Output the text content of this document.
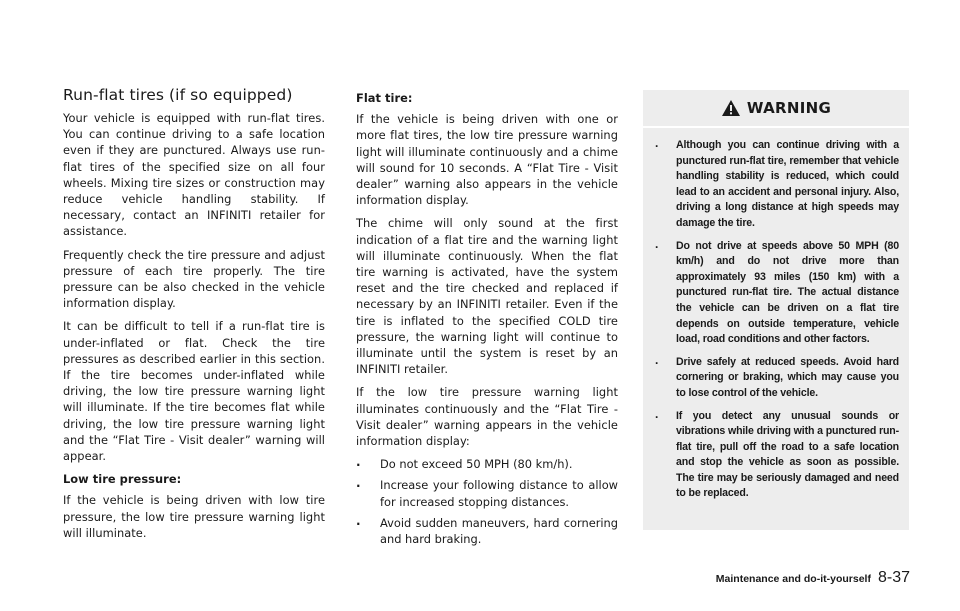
Run-flat tires (if so equipped)

Your vehicle is equipped with run-flat tires. You can continue driving to a safe location even if they are punctured. Always use run-flat tires of the specified size on all four wheels. Mixing tire sizes or construction may reduce vehicle handling stability. If necessary, contact an INFINITI retailer for assistance.

Frequently check the tire pressure and adjust pressure of each tire properly. The tire pressure can be also checked in the vehicle information display.

It can be difficult to tell if a run-flat tire is under-inflated or flat. Check the tire pressures as described earlier in this section. If the tire becomes under-inflated while driving, the low tire pressure warning light will illuminate. If the tire becomes flat while driving, the low tire pressure warning light and the “Flat Tire - Visit dealer” warning will appear.

Low tire pressure:

If the vehicle is being driven with low tire pressure, the low tire pressure warning light will illuminate.

Flat tire:

If the vehicle is being driven with one or more flat tires, the low tire pressure warning light will illuminate continuously and a chime will sound for 10 seconds. A “Flat Tire - Visit dealer” warning also appears in the vehicle information display.

The chime will only sound at the first indication of a flat tire and the warning light will illuminate continuously. When the flat tire warning is activated, have the system reset and the tire checked and replaced if necessary by an INFINITI retailer. Even if the tire is inflated to the specified COLD tire pressure, the warning light will continue to illuminate until the system is reset by an INFINITI retailer.

If the low tire pressure warning light illuminates continuously and the “Flat Tire - Visit dealer” warning appears in the vehicle information display:

. Do not exceed 50 MPH (80 km/h).
. Increase your following distance to allow for increased stopping distances.
. Avoid sudden maneuvers, hard cornering and hard braking.
WARNING
. Although you can continue driving with a punctured run-flat tire, remember that vehicle handling stability is reduced, which could lead to an accident and personal injury. Also, driving a long distance at high speeds may damage the tire.
. Do not drive at speeds above 50 MPH (80 km/h) and do not drive more than approximately 93 miles (150 km) with a punctured run-flat tire. The actual distance the vehicle can be driven on a flat tire depends on outside temperature, vehicle load, road conditions and other factors.
. Drive safely at reduced speeds. Avoid hard cornering or braking, which may cause you to lose control of the vehicle.
. If you detect any unusual sounds or vibrations while driving with a punctured run-flat tire, pull off the road to a safe location and stop the vehicle as soon as possible. The tire may be seriously damaged and need to be replaced.
Maintenance and do-it-yourself 8-37
